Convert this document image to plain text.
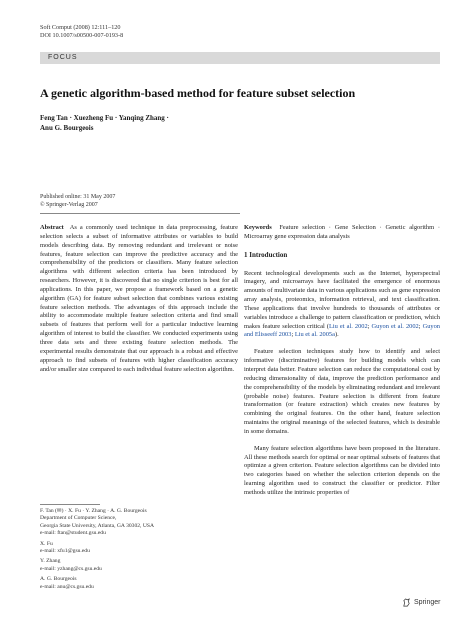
Soft Comput (2008) 12:111–120
DOI 10.1007/s00500-007-0193-8
FOCUS
A genetic algorithm-based method for feature subset selection
Feng Tan · Xuezheng Fu · Yanqing Zhang ·
Anu G. Bourgeois
Published online: 31 May 2007
© Springer-Verlag 2007

Abstract As a commonly used technique in data preprocessing, feature selection selects a subset of informative attributes or variables to build models describing data. By removing redundant and irrelevant or noise features, feature selection can improve the predictive accuracy and the comprehensibility of the predictors or classifiers. Many feature selection algorithms with different selection criteria has been introduced by researchers. However, it is discovered that no single criterion is best for all applications. In this paper, we propose a framework based on a genetic algorithm (GA) for feature subset selection that combines various existing feature selection methods. The advantages of this approach include the ability to accommodate multiple feature selection criteria and find small subsets of features that perform well for a particular inductive learning algorithm of interest to build the classifier. We conducted experiments using three data sets and three existing feature selection methods. The experimental results demonstrate that our approach is a robust and effective approach to find subsets of features with higher classification accuracy and/or smaller size compared to each individual feature selection algorithm.

Keywords Feature selection · Gene Selection · Genetic algorithm · Microarray gene expression data analysis

1 Introduction

Recent technological developments such as the Internet, hyperspectral imagery, and microarrays have facilitated the emergence of enormous amounts of multivariate data in various applications such as gene expression array analysis, proteomics, information retrieval, and text classification. These applications that involve hundreds to thousands of attributes or variables introduce a challenge to pattern classification or prediction, which makes feature selection critical (Liu et al. 2002; Guyon et al. 2002; Guyon and Elisseeff 2003; Liu et al. 2005a).

Feature selection techniques study how to identify and select informative (discriminative) features for building models which can interpret data better. Feature selection can reduce the computational cost by reducing dimensionality of data, improve the prediction performance and the comprehensibility of the models by eliminating redundant and irrelevant (probable noise) features. Feature selection is different from feature transformation (or feature extraction) which creates new features by combining the original features. On the other hand, feature selection maintains the original meanings of the selected features, which is desirable in some domains.

Many feature selection algorithms have been proposed in the literature. All these methods search for optimal or near optimal subsets of features that optimize a given criterion. Feature selection algorithms can be divided into two categories based on whether the selection criterion depends on the learning algorithm used to construct the classifier or predictor. Filter methods utilize the intrinsic properties of

F. Tan (✉) · X. Fu · Y. Zhang · A. G. Bourgeois
Department of Computer Science,
Georgia State University, Atlanta, GA 30302, USA
e-mail: ftan@student.gsu.edu
X. Fu
e-mail: xfu1@gsu.edu
Y. Zhang
e-mail: yzhang@cs.gsu.edu
A. G. Bourgeois
e-mail: anu@cs.gsu.edu
Springer
